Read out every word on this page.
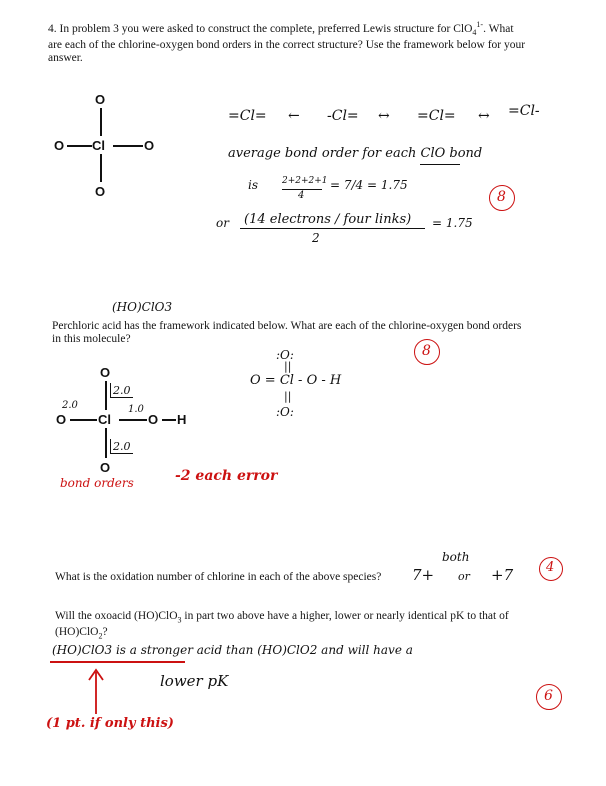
4. In problem 3 you were asked to construct the complete, preferred Lewis structure for ClO$_4^{1-}$. What
are each of the chlorine-oxygen bond orders in the correct structure? Use the framework below for your
answer.
O
O Cl	O
O
=Cl= ← -Cl= ↔ =Cl= ↔ =Cl-
average bond order for each ClO bond
is	2+2+2+1
4
= 7/4 = 1.75
or (14 electrons / four links)
2
= 1.75
8
(HO)ClO3
Perchloric acid has the framework indicated below. What are each of the chlorine-oxygen bond orders
in this molecule?
O
O Cl	O H
O
2.0
2.0	1.0
2.0
:O:
||
O = Cl - O - H
||
:O:
8
bond orders	-2 each error
What is the oxidation number of chlorine in each of the above species? 7+
both
or +7	4
Will the oxoacid (HO)ClO$_3$ in part two above have a higher, lower or nearly identical pK to that of
(HO)ClO$_2$?
(HO)ClO3 is a stronger acid than (HO)ClO2 and will have a
lower pK
(1 pt. if only this)
6
